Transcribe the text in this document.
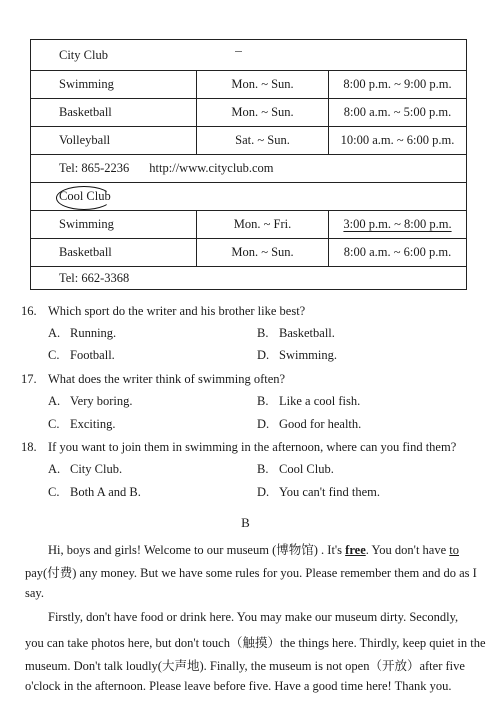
City Club
Swimming	Mon. ~ Sun.	8:00 p.m. ~ 9:00 p.m.
Basketball	Mon. ~ Sun.	8:00 a.m. ~ 5:00 p.m.
Volleyball	Sat. ~ Sun.	10:00 a.m. ~ 6:00 p.m.
Tel: 865-2236 http://www.cityclub.com
Cool Club
Swimming	Mon. ~ Fri.	3:00 p.m. ~ 8:00 p.m.
Basketball	Mon. ~ Sun.	8:00 a.m. ~ 6:00 p.m.
Tel: 662-3368
16. Which sport do the writer and his brother like best?
A. Running.	B. Basketball.
C. Football.	D. Swimming.
17. What does the writer think of swimming often?
A. Very boring.	B. Like a cool fish.
C. Exciting.	D. Good for health.
18. If you want to join them in swimming in the afternoon, where can you find them?
A. City Club.	B. Cool Club.
C. Both A and B.	D. You can't find them.
B
Hi, boys and girls! Welcome to our museum (博物馆) . It's free. You don't have to
pay(付费) any money. But we have some rules for you. Please remember them and do as I
say.
Firstly, don't have food or drink here. You may make our museum dirty. Secondly,
you can take photos here, but don't touch（触摸）the things here. Thirdly, keep quiet in the
museum. Don't talk loudly(大声地). Finally, the museum is not open（开放）after five
o'clock in the afternoon. Please leave before five. Have a good time here! Thank you.
